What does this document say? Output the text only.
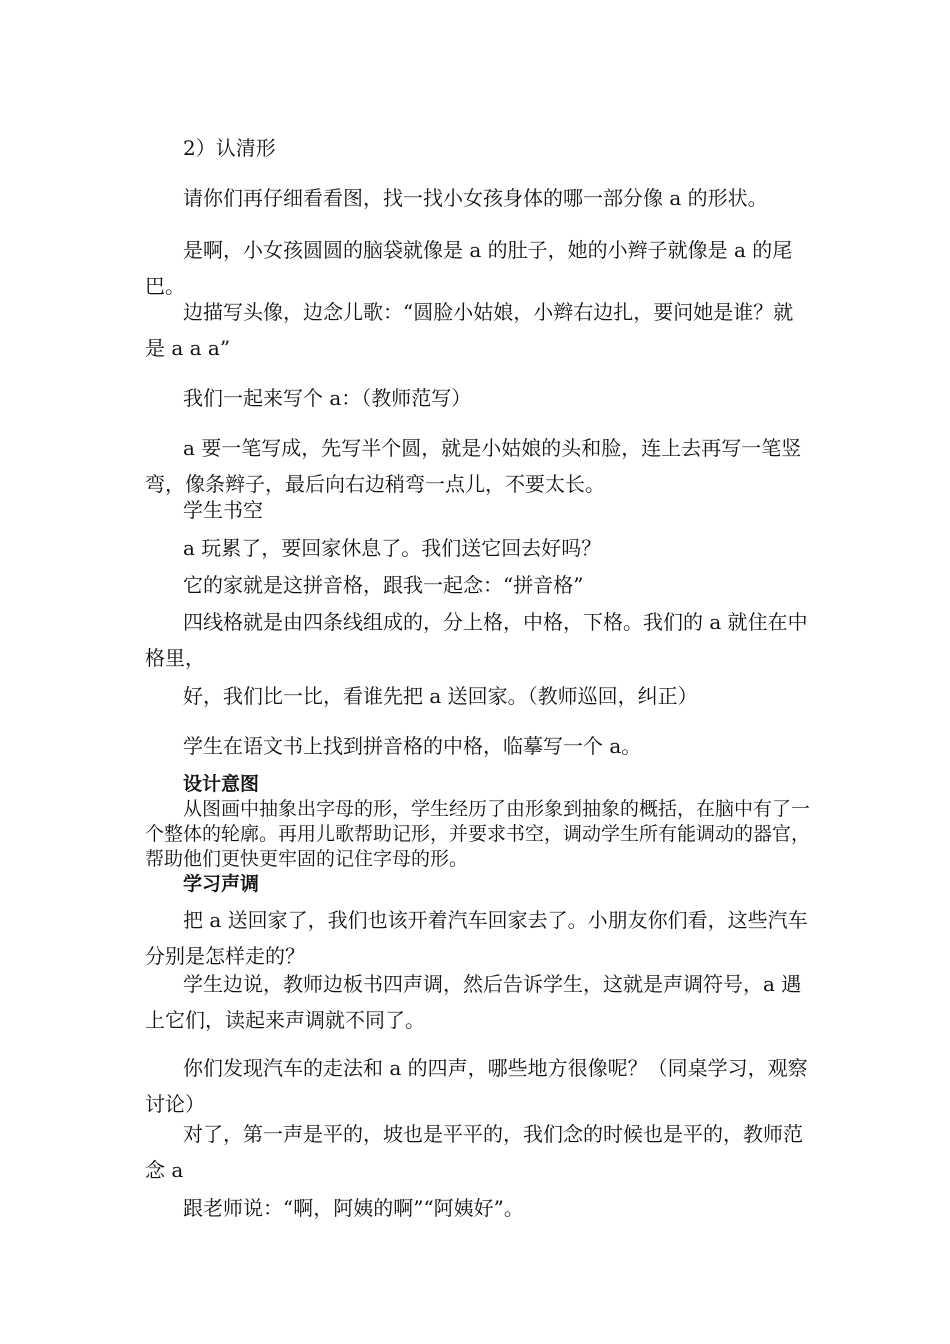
2）认清形

请你们再仔细看看图，找一找小女孩身体的哪一部分像 a 的形状。

是啊，小女孩圆圆的脑袋就像是 a 的肚子，她的小辫子就像是 a 的尾巴。

边描写头像，边念儿歌：“圆脸小姑娘，小辫右边扎，要问她是谁？就是 a a a”

我们一起来写个 a：（教师范写）

a 要一笔写成，先写半个圆，就是小姑娘的头和脸，连上去再写一笔竖弯，像条辫子，最后向右边稍弯一点儿，不要太长。

学生书空

a 玩累了，要回家休息了。我们送它回去好吗？

它的家就是这拼音格，跟我一起念：“拼音格”

四线格就是由四条线组成的，分上格，中格，下格。我们的 a 就住在中格里，

好，我们比一比，看谁先把 a 送回家。（教师巡回，纠正）

学生在语文书上找到拼音格的中格，临摹写一个 a。

设计意图

从图画中抽象出字母的形，学生经历了由形象到抽象的概括，在脑中有了一个整体的轮廓。再用儿歌帮助记形，并要求书空，调动学生所有能调动的器官，帮助他们更快更牢固的记住字母的形。

学习声调

把 a 送回家了，我们也该开着汽车回家去了。小朋友你们看，这些汽车分别是怎样走的？

学生边说，教师边板书四声调，然后告诉学生，这就是声调符号，a 遇上它们，读起来声调就不同了。

你们发现汽车的走法和 a 的四声，哪些地方很像呢？（同桌学习，观察讨论）

对了，第一声是平的，坡也是平平的，我们念的时候也是平的，教师范念 a

跟老师说：“啊，阿姨的啊”“阿姨好”。
